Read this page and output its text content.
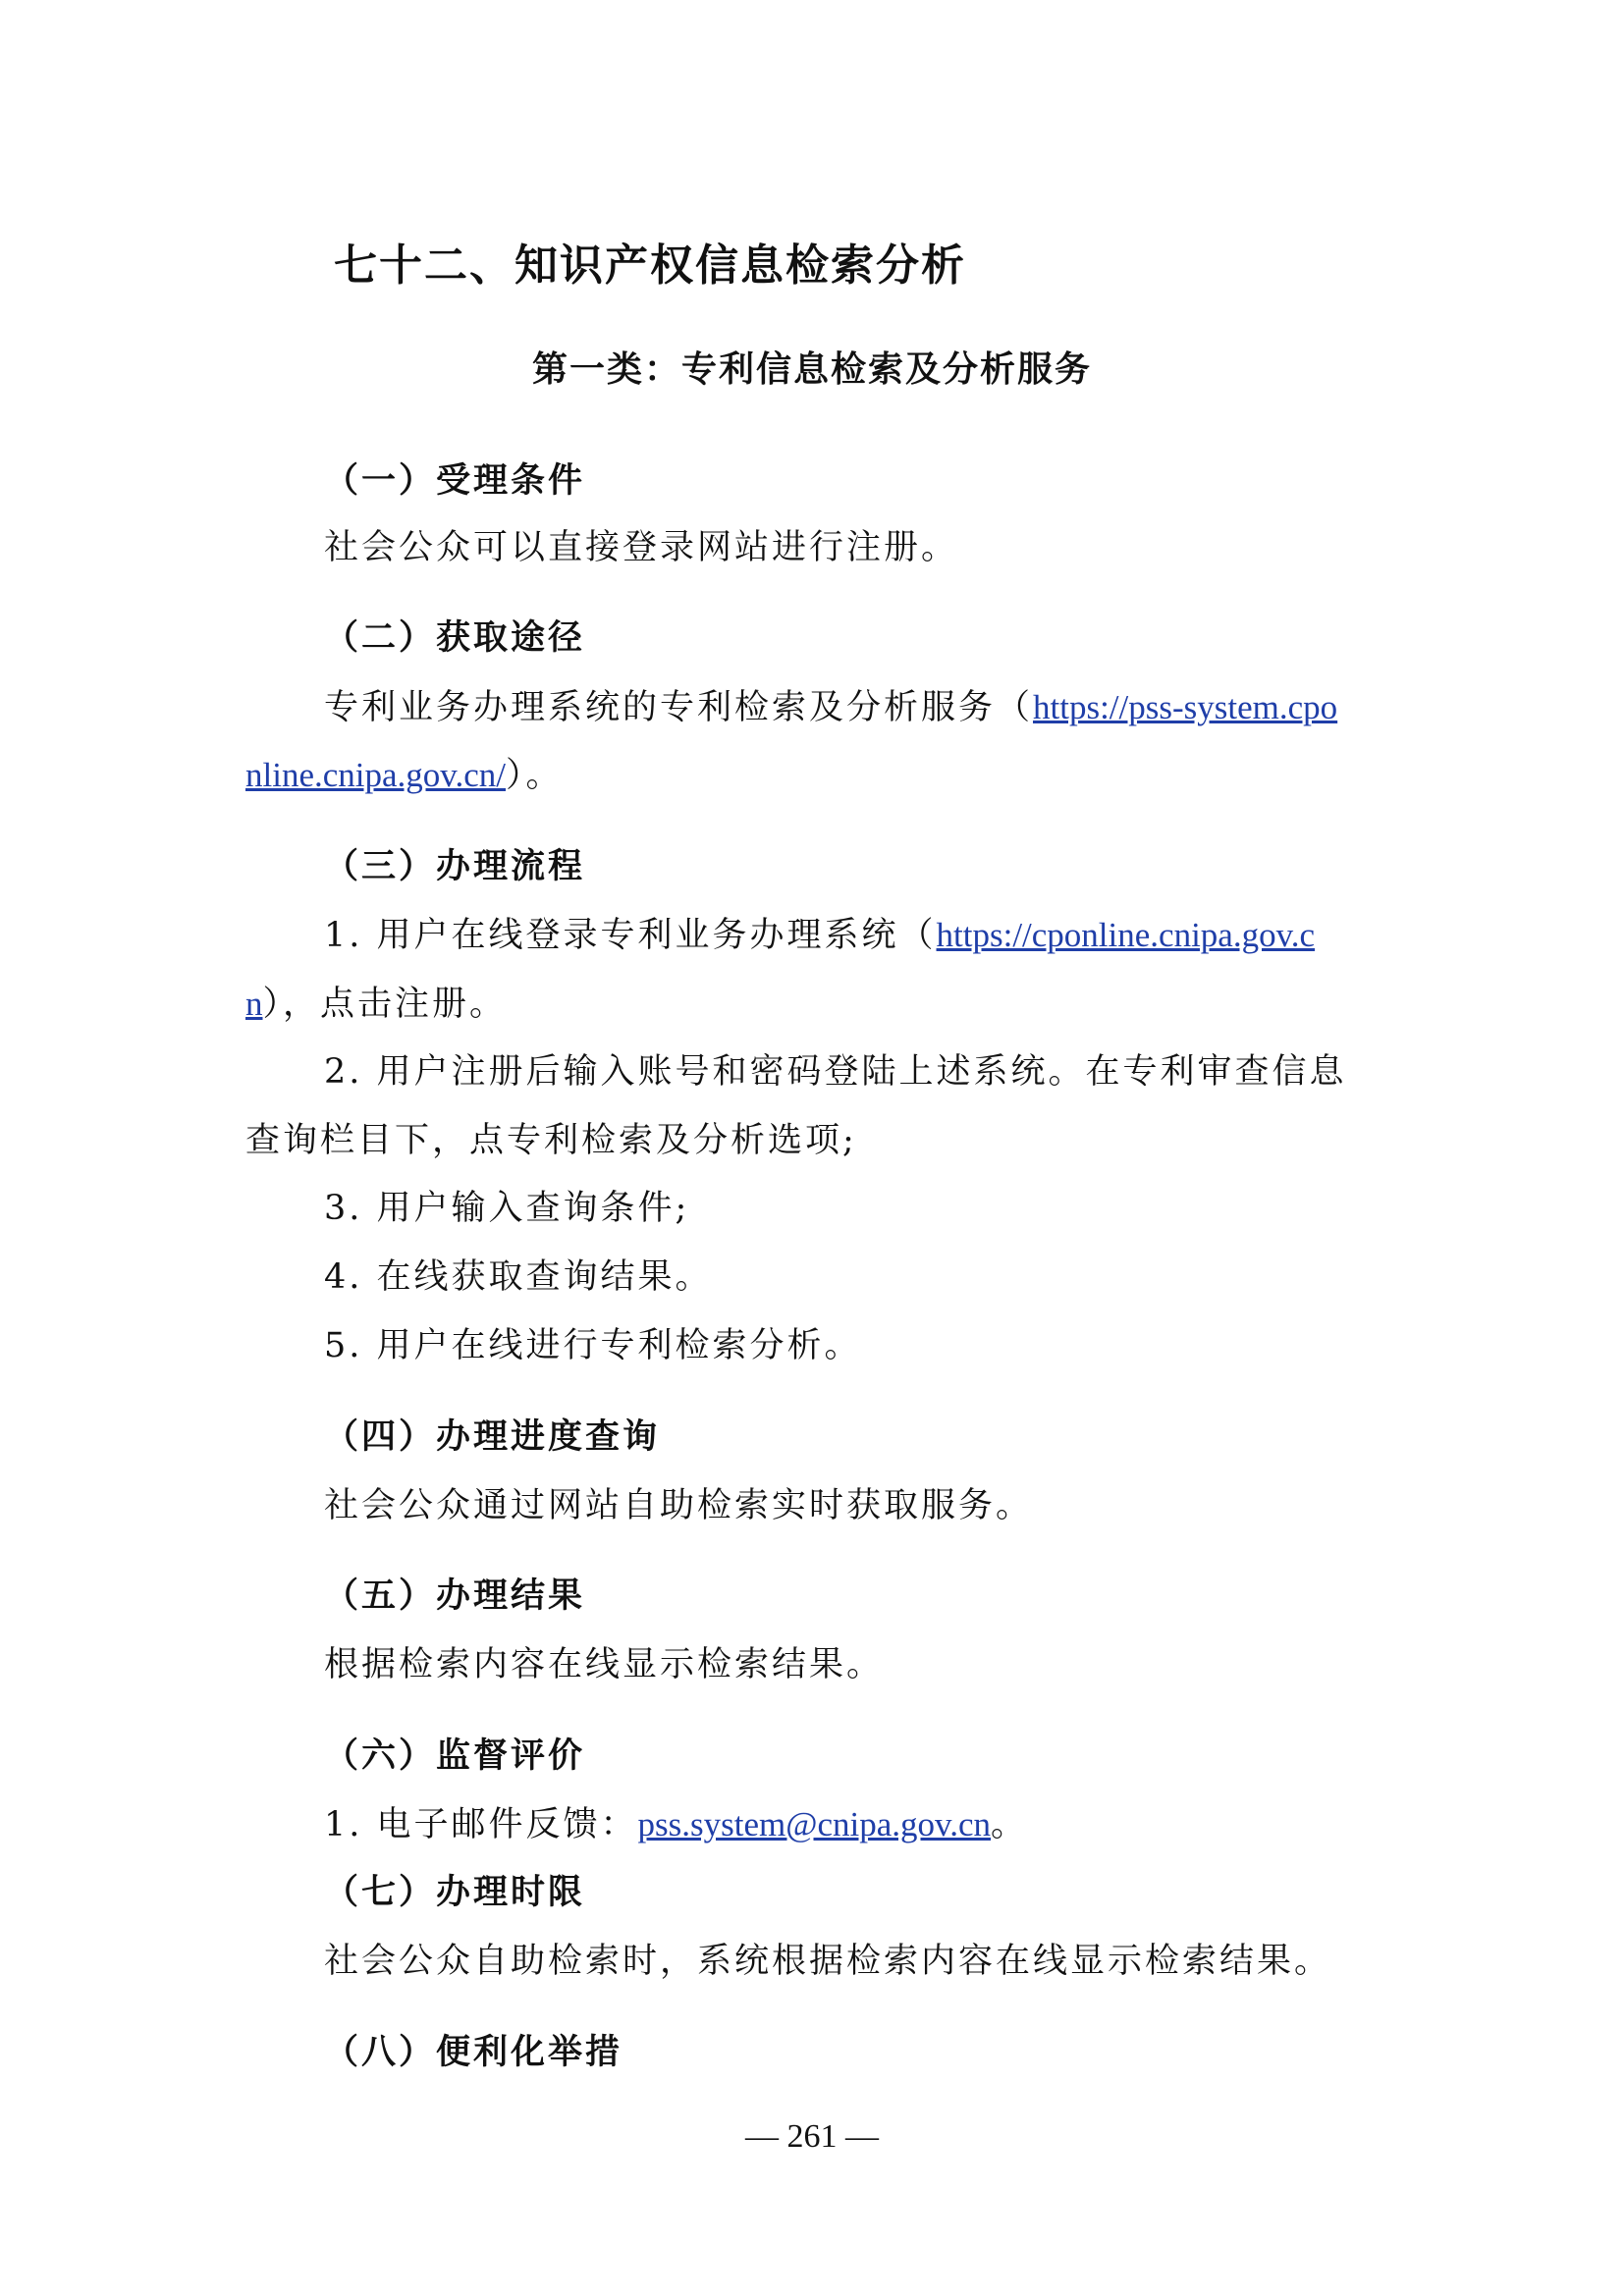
七十二、知识产权信息检索分析
第一类：专利信息检索及分析服务
（一）受理条件
社会公众可以直接登录网站进行注册。
（二）获取途径
专利业务办理系统的专利检索及分析服务（https://pss-system.cpo
nline.cnipa.gov.cn/）。
（三）办理流程
1. 用户在线登录专利业务办理系统（https://cponline.cnipa.gov.c
n），点击注册。
2. 用户注册后输入账号和密码登陆上述系统。在专利审查信息
查询栏目下，点专利检索及分析选项;
3. 用户输入查询条件;
4. 在线获取查询结果。
5. 用户在线进行专利检索分析。
（四）办理进度查询
社会公众通过网站自助检索实时获取服务。
（五）办理结果
根据检索内容在线显示检索结果。
（六）监督评价
1. 电子邮件反馈：pss.system@cnipa.gov.cn。
（七）办理时限
社会公众自助检索时，系统根据检索内容在线显示检索结果。
（八）便利化举措
— 261 —
